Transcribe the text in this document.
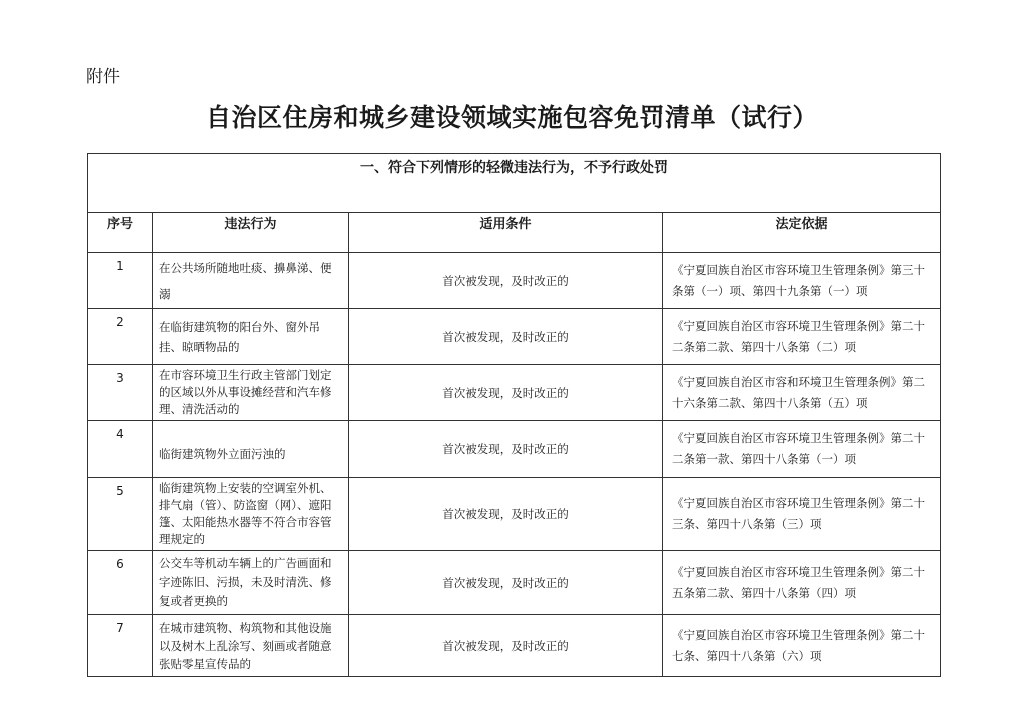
附件
自治区住房和城乡建设领域实施包容免罚清单（试行）
一、符合下列情形的轻微违法行为，不予行政处罚			
序号	违法行为	适用条件	法定依据
1	在公共场所随地吐痰、擤鼻涕、便溺	首次被发现，及时改正的	《宁夏回族自治区市容环境卫生管理条例》第三十条第（一）项、第四十九条第（一）项
2	在临街建筑物的阳台外、窗外吊挂、晾晒物品的	首次被发现，及时改正的	《宁夏回族自治区市容环境卫生管理条例》第二十二条第二款、第四十八条第（二）项
3	在市容环境卫生行政主管部门划定的区域以外从事设摊经营和汽车修理、清洗活动的	首次被发现，及时改正的	《宁夏回族自治区市容和环境卫生管理条例》第二十六条第二款、第四十八条第（五）项
4	临街建筑物外立面污浊的	首次被发现，及时改正的	《宁夏回族自治区市容环境卫生管理条例》第二十二条第一款、第四十八条第（一）项
5	临街建筑物上安装的空调室外机、排气扇（管）、防盗窗（网）、遮阳篷、太阳能热水器等不符合市容管理规定的	首次被发现，及时改正的	《宁夏回族自治区市容环境卫生管理条例》第二十三条、第四十八条第（三）项
6	公交车等机动车辆上的广告画面和字迹陈旧、污损，未及时清洗、修复或者更换的	首次被发现，及时改正的	《宁夏回族自治区市容环境卫生管理条例》第二十五条第二款、第四十八条第（四）项
7	在城市建筑物、构筑物和其他设施以及树木上乱涂写、刻画或者随意张贴零星宣传品的	首次被发现，及时改正的	《宁夏回族自治区市容环境卫生管理条例》第二十七条、第四十八条第（六）项
